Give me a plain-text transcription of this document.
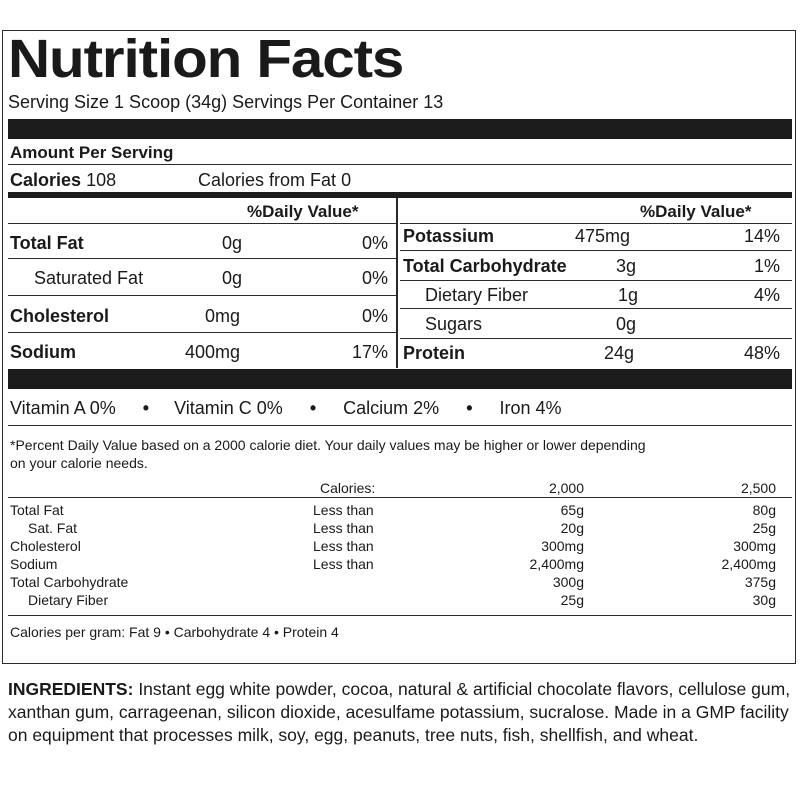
Nutrition Facts
Serving Size 1 Scoop (34g) Servings Per Container 13
Amount Per Serving
Calories 108	Calories from Fat 0
%Daily Value*	%Daily Value*
Total Fat	0g	0%
Saturated Fat	0g	0%
Cholesterol	0mg	0%
Sodium	400mg	17%
Potassium	475mg	14%
Total Carbohydrate	3g	1%
Dietary Fiber	1g	4%
Sugars	0g
Protein	24g	48%
Vitamin A 0% • Vitamin C 0% • Calcium 2% • Iron 4%
*Percent Daily Value based on a 2000 calorie diet. Your daily values may be higher or lower depending
on your calorie needs.
Calories:	2,000	2,500
Total Fat	Less than	65g	80g
Sat. Fat	Less than	20g	25g
Cholesterol	Less than	300mg	300mg
Sodium	Less than	2,400mg	2,400mg
Total Carbohydrate	300g	375g
Dietary Fiber	25g	30g
Calories per gram: Fat 9 • Carbohydrate 4 • Protein 4
INGREDIENTS: Instant egg white powder, cocoa, natural & artificial chocolate flavors, cellulose gum, xanthan gum, carrageenan, silicon dioxide, acesulfame potassium, sucralose. Made in a GMP facility on equipment that processes milk, soy, egg, peanuts, tree nuts, fish, shellfish, and wheat.
